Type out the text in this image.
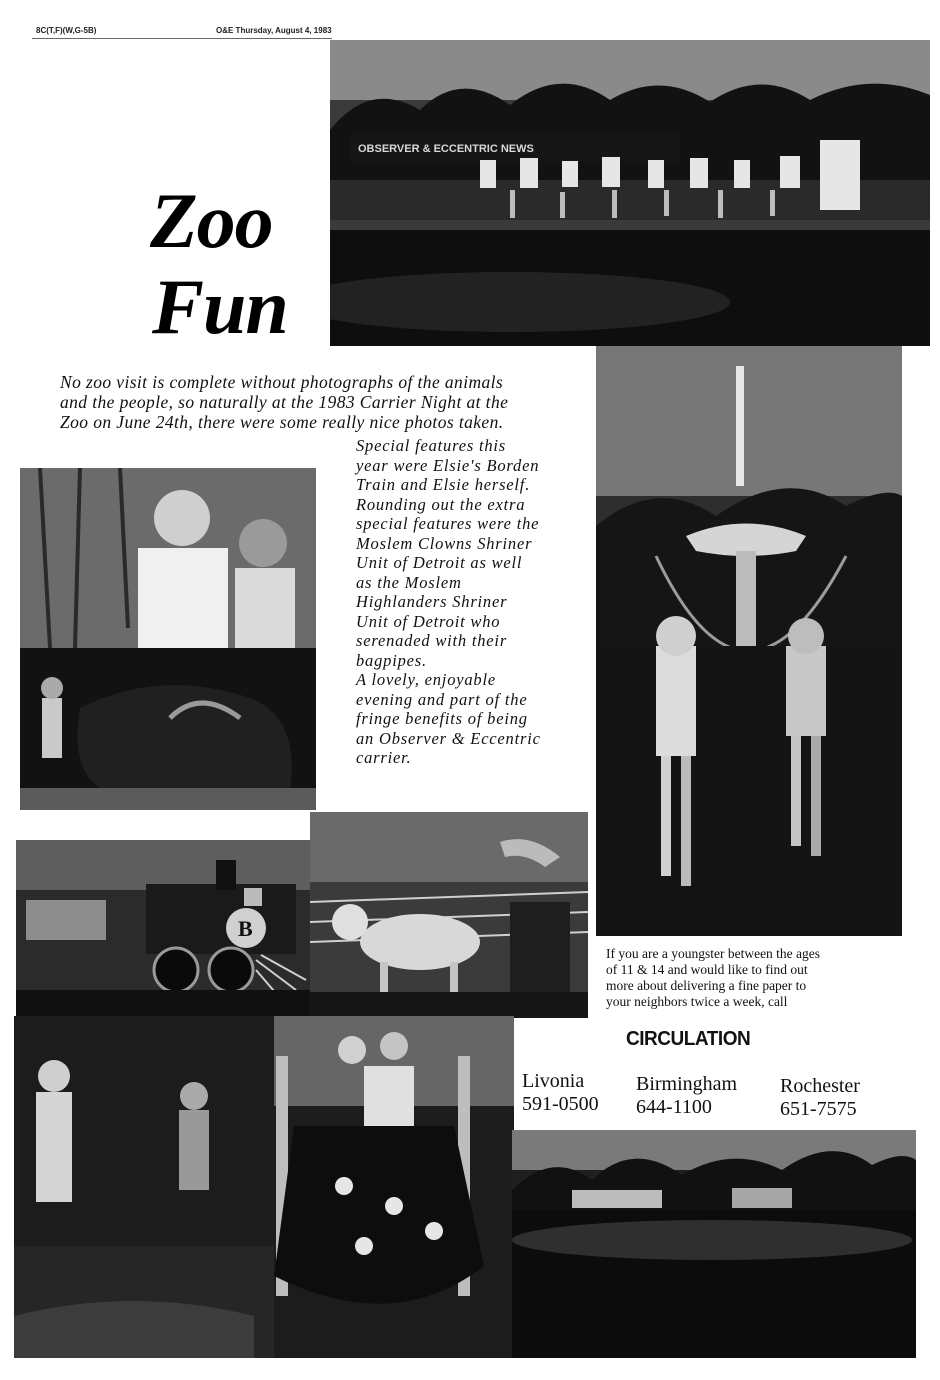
8C(T,F)(W,G-5B)	O&E Thursday, August 4, 1983
OBSERVER & ECCENTRIC NEWS
Zoo
Fun
No zoo visit is complete without photographs of the animals
and the people, so naturally at the 1983 Carrier Night at the
Zoo on June 24th, there were some really nice photos taken.

Special features this

year were Elsie's Borden

Train and Elsie herself.

Rounding out the extra

special features were the

Moslem Clowns Shriner

Unit of Detroit as well

as the Moslem

Highlanders Shriner

Unit of Detroit who

serenaded with their

bagpipes.

A lovely, enjoyable

evening and part of the

fringe benefits of being

an Observer & Eccentric

carrier.

B
If you are a youngster between the ages
of 11 & 14 and would like to find out
more about delivering a fine paper to
your neighbors twice a week, call
CIRCULATION
Livonia
591-0500
Birmingham
644-1100
Rochester
651-7575
